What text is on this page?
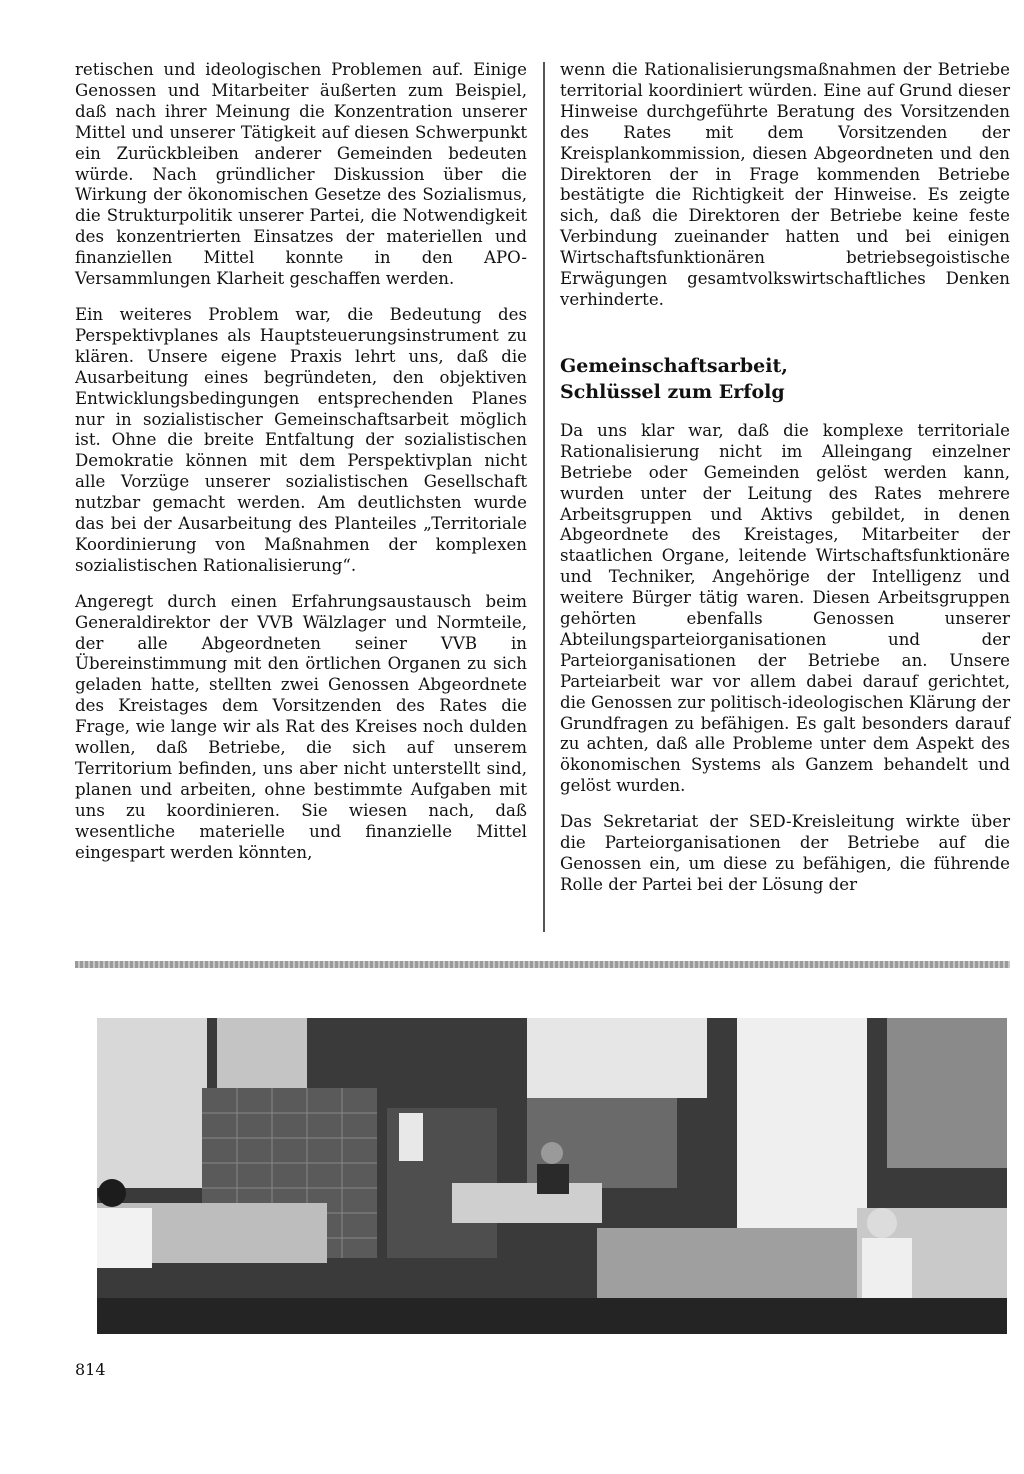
retischen und ideologischen Problemen auf. Einige Genossen und Mitarbeiter äußerten zum Beispiel, daß nach ihrer Meinung die Konzentration unserer Mittel und unserer Tätigkeit auf diesen Schwerpunkt ein Zurückbleiben anderer Gemeinden bedeuten würde. Nach gründlicher Diskussion über die Wirkung der ökonomischen Gesetze des Sozialismus, die Strukturpolitik unserer Partei, die Notwendigkeit des konzentrierten Einsatzes der materiellen und finanziellen Mittel konnte in den APO-Versammlungen Klarheit geschaffen werden.

Ein weiteres Problem war, die Bedeutung des Perspektivplanes als Hauptsteuerungsinstrument zu klären. Unsere eigene Praxis lehrt uns, daß die Ausarbeitung eines begründeten, den objektiven Entwicklungsbedingungen entsprechenden Planes nur in sozialistischer Gemeinschaftsarbeit möglich ist. Ohne die breite Entfaltung der sozialistischen Demokratie können mit dem Perspektivplan nicht alle Vorzüge unserer sozialistischen Gesellschaft nutzbar gemacht werden. Am deutlichsten wurde das bei der Ausarbeitung des Planteiles „Territoriale Koordinierung von Maßnahmen der komplexen sozialistischen Rationalisierung“.

Angeregt durch einen Erfahrungsaustausch beim Generaldirektor der VVB Wälzlager und Normteile, der alle Abgeordneten seiner VVB in Übereinstimmung mit den örtlichen Organen zu sich geladen hatte, stellten zwei Genossen Abgeordnete des Kreistages dem Vorsitzenden des Rates die Frage, wie lange wir als Rat des Kreises noch dulden wollen, daß Betriebe, die sich auf unserem Territorium befinden, uns aber nicht unterstellt sind, planen und arbeiten, ohne bestimmte Aufgaben mit uns zu koordinieren. Sie wiesen nach, daß wesentliche materielle und finanzielle Mittel eingespart werden könnten,

wenn die Rationalisierungsmaßnahmen der Betriebe territorial koordiniert würden. Eine auf Grund dieser Hinweise durchgeführte Beratung des Vorsitzenden des Rates mit dem Vorsitzenden der Kreisplankommission, diesen Abgeordneten und den Direktoren der in Frage kommenden Betriebe bestätigte die Richtigkeit der Hinweise. Es zeigte sich, daß die Direktoren der Betriebe keine feste Verbindung zueinander hatten und bei einigen Wirtschaftsfunktionären betriebsegoistische Erwägungen gesamtvolkswirtschaftliches Denken verhinderte.

Gemeinschaftsarbeit,
Schlüssel zum Erfolg

Da uns klar war, daß die komplexe territoriale Rationalisierung nicht im Alleingang einzelner Betriebe oder Gemeinden gelöst werden kann, wurden unter der Leitung des Rates mehrere Arbeitsgruppen und Aktivs gebildet, in denen Abgeordnete des Kreistages, Mitarbeiter der staatlichen Organe, leitende Wirtschaftsfunktionäre und Techniker, Angehörige der Intelligenz und weitere Bürger tätig waren. Diesen Arbeitsgruppen gehörten ebenfalls Genossen unserer Abteilungsparteiorganisationen und der Parteiorganisationen der Betriebe an. Unsere Parteiarbeit war vor allem dabei darauf gerichtet, die Genossen zur politisch-ideologischen Klärung der Grundfragen zu befähigen. Es galt besonders darauf zu achten, daß alle Probleme unter dem Aspekt des ökonomischen Systems als Ganzem behandelt und gelöst wurden.

Das Sekretariat der SED-Kreisleitung wirkte über die Parteiorganisationen der Betriebe auf die Genossen ein, um diese zu befähigen, die führende Rolle der Partei bei der Lösung der

814
